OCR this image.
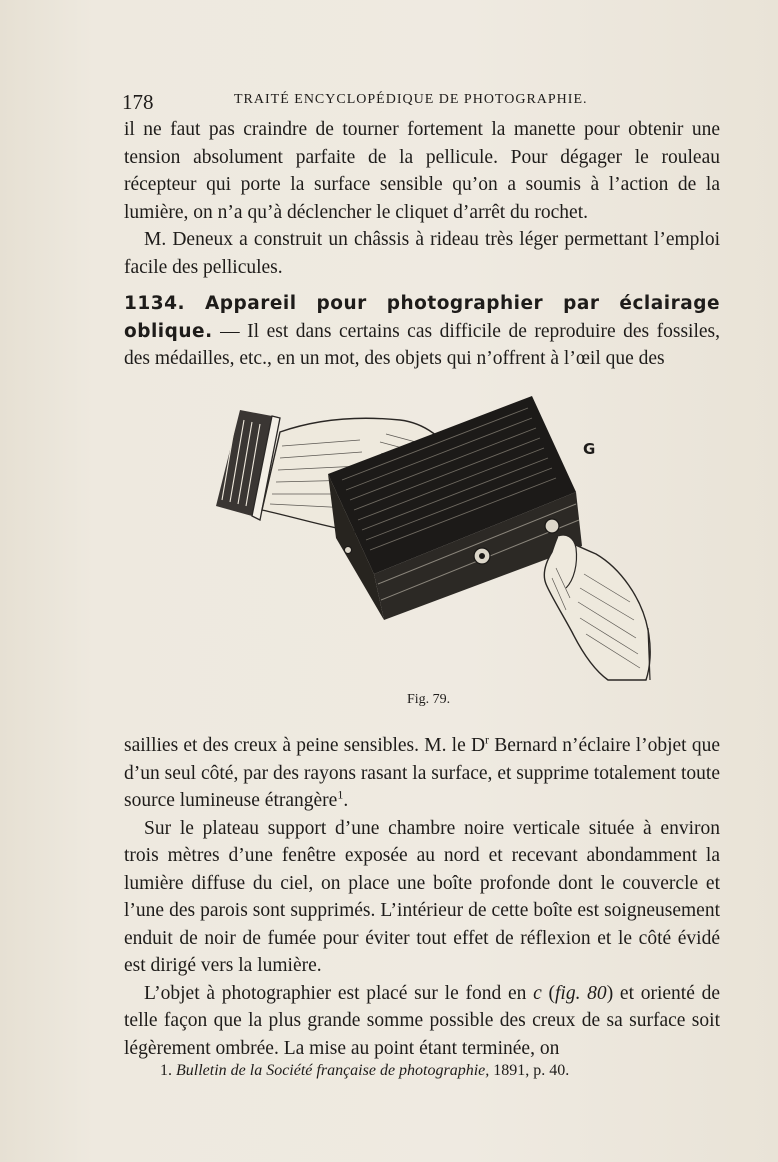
178	TRAITÉ ENCYCLOPÉDIQUE DE PHOTOGRAPHIE.

il ne faut pas craindre de tourner fortement la manette pour obtenir une tension absolument parfaite de la pellicule. Pour dégager le rouleau récepteur qui porte la surface sensible qu’on a soumis à l’action de la lumière, on n’a qu’à déclencher le cliquet d’arrêt du rochet.

M. Deneux a construit un châssis à rideau très léger permettant l’emploi facile des pellicules.

1134. Appareil pour photographier par éclairage oblique. — Il est dans certains cas difficile de reproduire des fossiles, des médailles, etc., en un mot, des objets qui n’offrent à l’œil que des

G
Fig. 79.

saillies et des creux à peine sensibles. M. le $D^r$ Bernard n’éclaire l’objet que d’un seul côté, par des rayons rasant la surface, et supprime totalement toute source lumineuse étrangère$^1$.

Sur le plateau support d’une chambre noire verticale située à environ trois mètres d’une fenêtre exposée au nord et recevant abondamment la lumière diffuse du ciel, on place une boîte profonde dont le couvercle et l’une des parois sont supprimés. L’intérieur de cette boîte est soigneusement enduit de noir de fumée pour éviter tout effet de réflexion et le côté évidé est dirigé vers la lumière.

L’objet à photographier est placé sur le fond en c (fig. 80) et orienté de telle façon que la plus grande somme possible des creux de sa surface soit légèrement ombrée. La mise au point étant terminée, on

1. Bulletin de la Société française de photographie, 1891, p. 40.
